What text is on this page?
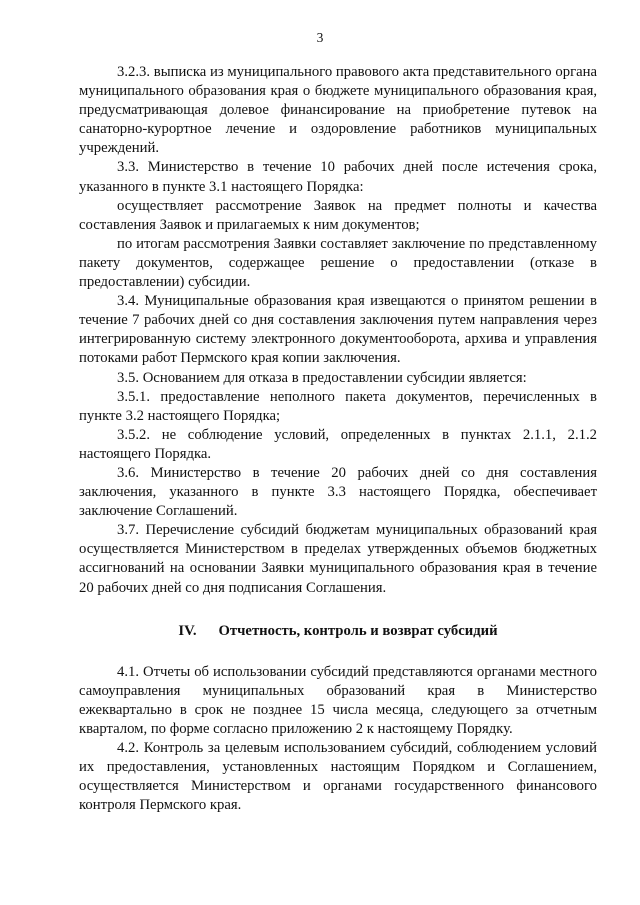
3

3.2.3. выписка из муниципального правового акта представительного органа муниципального образования края о бюджете муниципального образования края, предусматривающая долевое финансирование на приобретение путевок на санаторно-курортное лечение и оздоровление работников муниципальных учреждений.

3.3. Министерство в течение 10 рабочих дней после истечения срока, указанного в пункте 3.1 настоящего Порядка:

осуществляет рассмотрение Заявок на предмет полноты и качества составления Заявок и прилагаемых к ним документов;

по итогам рассмотрения Заявки составляет заключение по представленному пакету документов, содержащее решение о предоставлении (отказе в предоставлении) субсидии.

3.4. Муниципальные образования края извещаются о принятом решении в течение 7 рабочих дней со дня составления заключения путем направления через интегрированную систему электронного документооборота, архива и управления потоками работ Пермского края копии заключения.

3.5. Основанием для отказа в предоставлении субсидии является:

3.5.1. предоставление неполного пакета документов, перечисленных в пункте 3.2 настоящего Порядка;

3.5.2. не соблюдение условий, определенных в пунктах 2.1.1, 2.1.2 настоящего Порядка.

3.6. Министерство в течение 20 рабочих дней со дня составления заключения, указанного в пункте 3.3 настоящего Порядка, обеспечивает заключение Соглашений.

3.7. Перечисление субсидий бюджетам муниципальных образований края осуществляется Министерством в пределах утвержденных объемов бюджетных ассигнований на основании Заявки муниципального образования края в течение 20 рабочих дней со дня подписания Соглашения.

IV. Отчетность, контроль и возврат субсидий

4.1. Отчеты об использовании субсидий представляются органами местного самоуправления муниципальных образований края в Министерство ежеквартально в срок не позднее 15 числа месяца, следующего за отчетным кварталом, по форме согласно приложению 2 к настоящему Порядку.

4.2. Контроль за целевым использованием субсидий, соблюдением условий их предоставления, установленных настоящим Порядком и Соглашением, осуществляется Министерством и органами государственного финансового контроля Пермского края.
